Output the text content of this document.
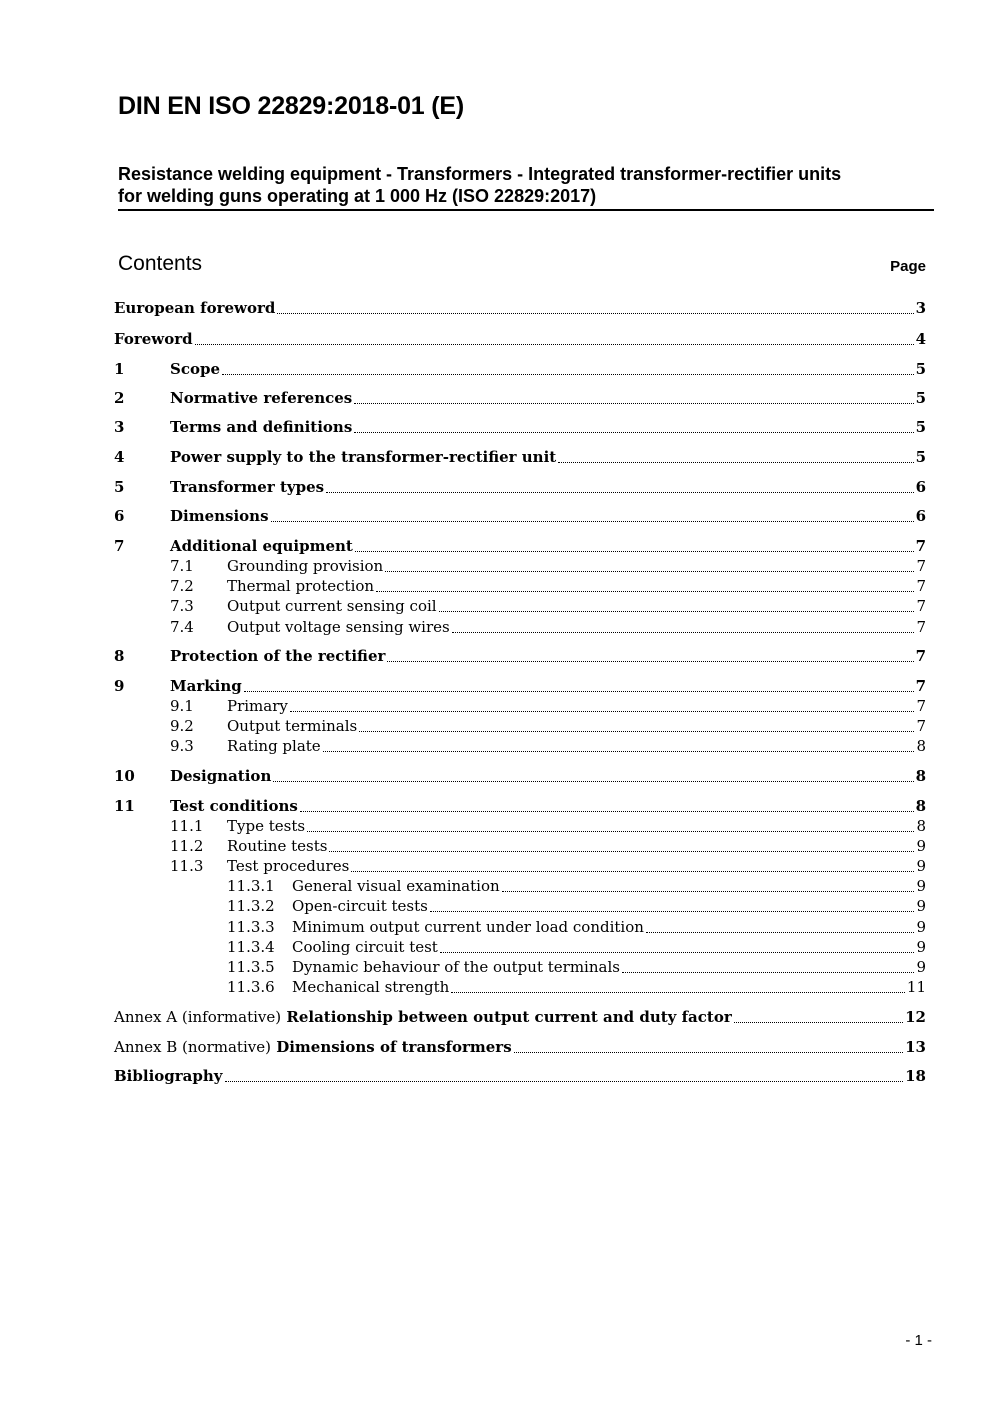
DIN EN ISO 22829:2018-01 (E)
Resistance welding equipment - Transformers - Integrated transformer-rectifier units
for welding guns operating at 1 000 Hz (ISO 22829:2017)
Contents	Page
European foreword	3
Foreword	4
1	Scope	5
2	Normative references	5
3	Terms and definitions	5
4	Power supply to the transformer-rectifier unit	5
5	Transformer types	6
6	Dimensions	6
7	Additional equipment	7
7.1	Grounding provision	7
7.2	Thermal protection	7
7.3	Output current sensing coil	7
7.4	Output voltage sensing wires	7
8	Protection of the rectifier	7
9	Marking	7
9.1	Primary	7
9.2	Output terminals	7
9.3	Rating plate	8
10	Designation	8
11	Test conditions	8
11.1	Type tests	8
11.2	Routine tests	9
11.3	Test procedures	9
11.3.1	General visual examination	9
11.3.2	Open-circuit tests	9
11.3.3	Minimum output current under load condition	9
11.3.4	Cooling circuit test	9
11.3.5	Dynamic behaviour of the output terminals	9
11.3.6	Mechanical strength	11
Annex A (informative) Relationship between output current and duty factor	12
Annex B (normative) Dimensions of transformers	13
Bibliography	18
- 1 -
